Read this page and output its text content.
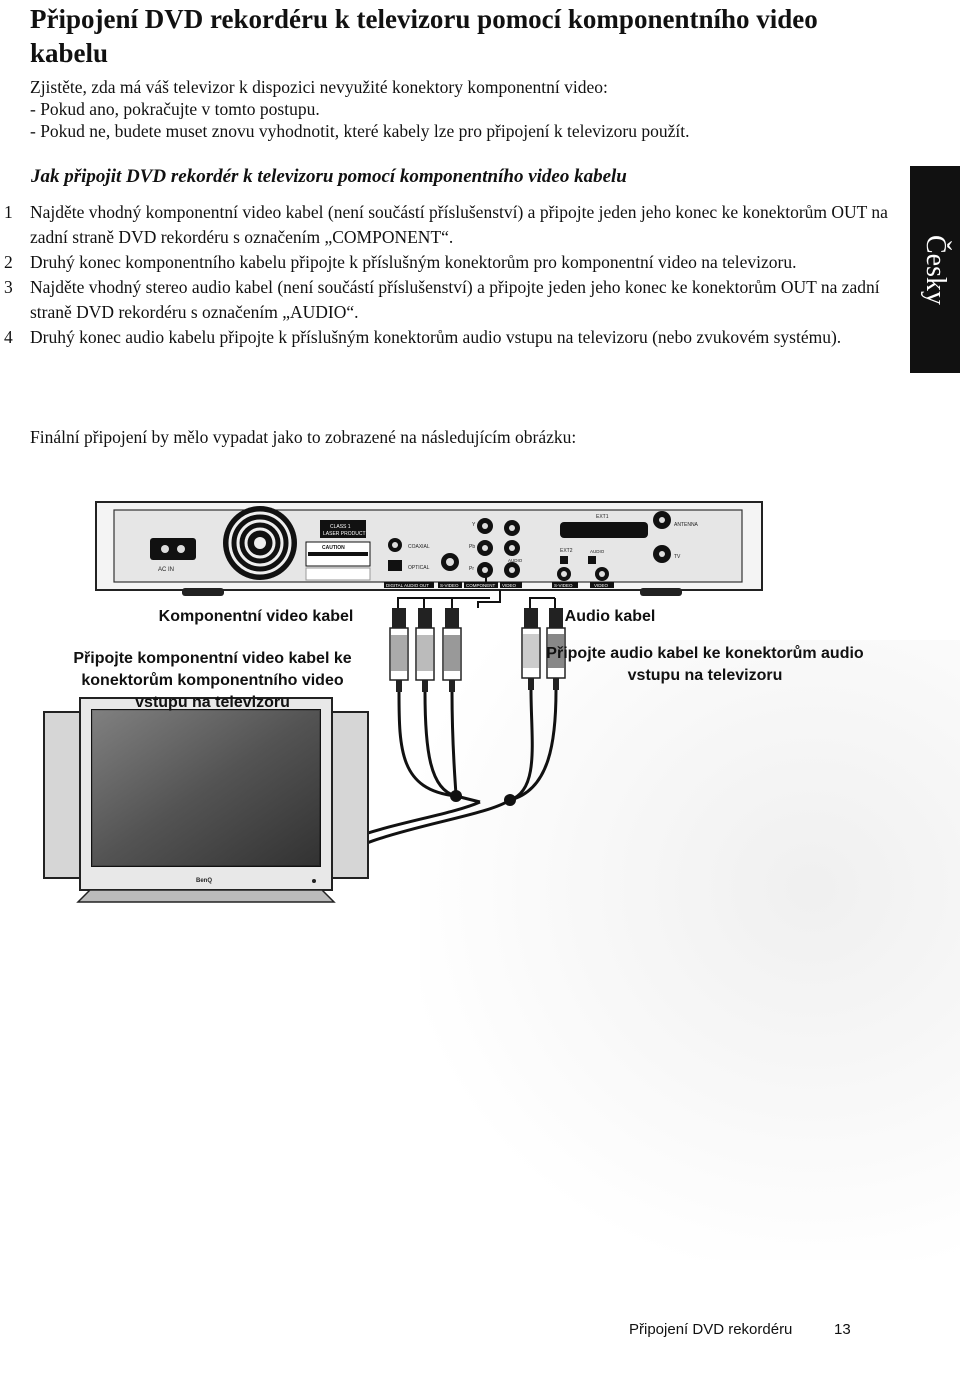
Připojení DVD rekordéru k televizoru pomocí komponentního video kabelu
Zjistěte, zda má váš televizor k dispozici nevyužité konektory komponentní video:
- Pokud ano, pokračujte v tomto postupu.
- Pokud ne, budete muset znovu vyhodnotit, které kabely lze pro připojení k televizoru použít.
Jak připojit DVD rekordér k televizoru pomocí komponentního video kabelu
1 Najděte vhodný komponentní video kabel (není součástí příslušenství) a připojte jeden jeho konec ke konektorům OUT na zadní straně DVD rekordéru s označením „COMPONENT“.
2 Druhý konec komponentního kabelu připojte k příslušným konektorům pro komponentní video na televizoru.
3 Najděte vhodný stereo audio kabel (není součástí příslušenství) a připojte jeden jeho konec ke konektorům OUT na zadní straně DVD rekordéru s označením „AUDIO“.
4 Druhý konec audio kabelu připojte k příslušným konektorům audio vstupu na televizoru (nebo zvukovém systému).
Finální připojení by mělo vypadat jako to zobrazené na následujícím obrázku:
Česky
AC IN
CLASS 1
LASER PRODUCT
CAUTION	COAXIAL
OPTICAL
DIGITAL AUDIO OUT S-VIDEO
Y
Pb
Pr
COMPONENT
AUDIO
VIDEO
EXT2
S-VIDEO
AUDIO
VIDEO
EXT1
ANTENNA
TV
BenQ
Komponentní video kabel	Audio kabel
Připojte komponentní video kabel ke konektorům komponentního video vstupu na televizoru
Připojte audio kabel ke konektorům audio vstupu na televizoru
Připojení DVD rekordéru	13
